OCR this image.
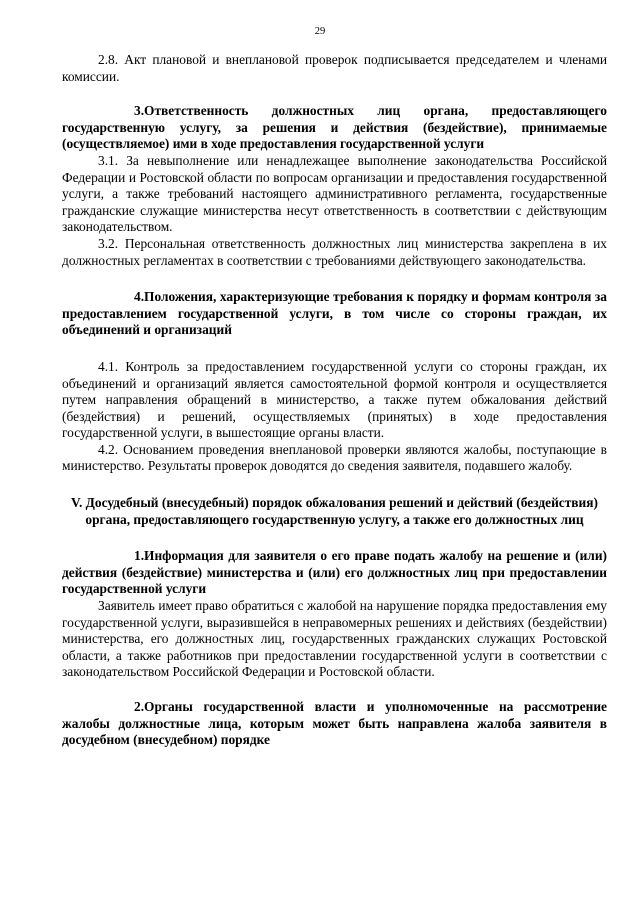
29

2.8. Акт плановой и внеплановой проверок подписывается председателем и членами комиссии.

3.Ответственность должностных лиц органа, предоставляющего государственную услугу, за решения и действия (бездействие), принимаемые (осуществляемое) ими в ходе предоставления государственной услуги

3.1. За невыполнение или ненадлежащее выполнение законодательства Российской Федерации и Ростовской области по вопросам организации и предоставления государственной услуги, а также требований настоящего административного регламента, государственные гражданские служащие министерства несут ответственность в соответствии с действующим законодательством.

3.2. Персональная ответственность должностных лиц министерства закреплена в их должностных регламентах в соответствии с требованиями действующего законодательства.

4.Положения, характеризующие требования к порядку и формам контроля за предоставлением государственной услуги, в том числе со стороны граждан, их объединений и организаций

4.1. Контроль за предоставлением государственной услуги со стороны граждан, их объединений и организаций является самостоятельной формой контроля и осуществляется путем направления обращений в министерство, а также путем обжалования действий (бездействия) и решений, осуществляемых (принятых) в ходе предоставления государственной услуги, в вышестоящие органы власти.

4.2. Основанием проведения внеплановой проверки являются жалобы, поступающие в министерство. Результаты проверок доводятся до сведения заявителя, подавшего жалобу.

V. Досудебный (внесудебный) порядок обжалования решений и действий (бездействия) органа, предоставляющего государственную услугу, а также его должностных лиц

1.Информация для заявителя о его праве подать жалобу на решение и (или) действия (бездействие) министерства и (или) его должностных лиц при предоставлении государственной услуги

Заявитель имеет право обратиться с жалобой на нарушение порядка предоставления ему государственной услуги, выразившейся в неправомерных решениях и действиях (бездействии) министерства, его должностных лиц, государственных гражданских служащих Ростовской области, а также работников при предоставлении государственной услуги в соответствии с законодательством Российской Федерации и Ростовской области.

2.Органы государственной власти и уполномоченные на рассмотрение жалобы должностные лица, которым может быть направлена жалоба заявителя в досудебном (внесудебном) порядке
